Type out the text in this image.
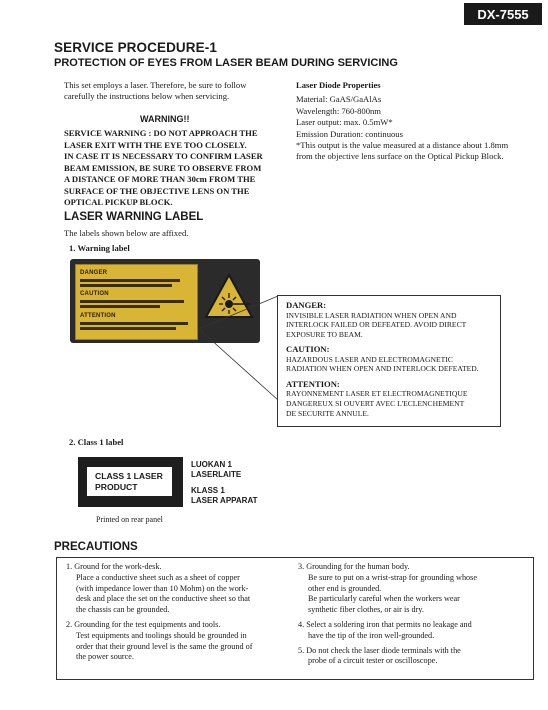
DX-7555
SERVICE PROCEDURE-1
PROTECTION OF EYES FROM LASER BEAM DURING SERVICING
This set employs a laser. Therefore, be sure to follow
carefully the instructions below when servicing.
WARNING!!
SERVICE WARNING : DO NOT APPROACH THE
LASER EXIT WITH THE EYE TOO CLOSELY.
IN CASE IT IS NECESSARY TO CONFIRM LASER
BEAM EMISSION, BE SURE TO OBSERVE FROM
A DISTANCE OF MORE THAN 30cm FROM THE
SURFACE OF THE OBJECTIVE LENS ON THE
OPTICAL PICKUP BLOCK.
Laser Diode Properties
Material: GaAS/GaAlAs
Wavelength: 760-800nm
Laser output: max. 0.5mW*
Emission Duration: continuous
*This output is the value measured at a distance about 1.8mm
from the objective lens surface on the Optical Pickup Block.
LASER WARNING LABEL
The labels shown below are affixed.
1. Warning label
DANGER
CAUTION
ATTENTION
DANGER:
INVISIBLE LASER RADIATION WHEN OPEN AND
INTERLOCK FAILED OR DEFEATED. AVOID DIRECT
EXPOSURE TO BEAM.
CAUTION:
HAZARDOUS LASER AND ELECTROMAGNETIC
RADIATION WHEN OPEN AND INTERLOCK DEFEATED.
ATTENTION:
RAYONNEMENT LASER ET ELECTROMAGNETIQUE
DANGEREUX SI OUVERT AVEC L'ECLENCHEMENT
DE SECURITE ANNULE.
2. Class 1 label
CLASS 1 LASER
PRODUCT
LUOKAN 1
LASERLAITE
KLASS 1
LASER APPARAT
Printed on rear panel
PRECAUTIONS
1. Ground for the work-desk.
Place a conductive sheet such as a sheet of copper
(with impedance lower than 10 Mohm) on the work-
desk and place the set on the conductive sheet so that
the chassis can be grounded.
2. Grounding for the test equipments and tools.
Test equipments and toolings should be grounded in
order that their ground level is the same the ground of
the power source.
3. Grounding for the human body.
Be sure to put on a wrist-strap for grounding whose
other end is grounded.
Be particularly careful when the workers wear
synthetic fiber clothes, or air is dry.
4. Select a soldering iron that permits no leakage and
have the tip of the iron well-grounded.
5. Do not check the laser diode terminals with the
probe of a circuit tester or oscilloscope.
